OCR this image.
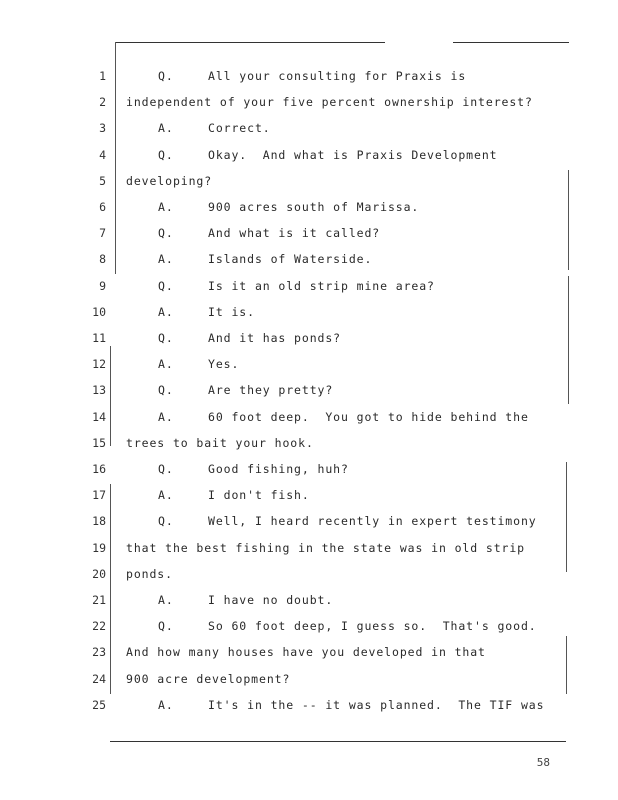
1	Q.	All your consulting for Praxis is
2 independent of your five percent ownership interest?
3	A.	Correct.
4	Q.	Okay.  And what is Praxis Development
5 developing?
6	A.	900 acres south of Marissa.
7	Q.	And what is it called?
8	A.	Islands of Waterside.
9	Q.	Is it an old strip mine area?
10	A.	It is.
11	Q.	And it has ponds?
12	A.	Yes.
13	Q.	Are they pretty?
14	A.	60 foot deep.  You got to hide behind the
15 trees to bait your hook.
16	Q.	Good fishing, huh?
17	A.	I don't fish.
18	Q.	Well, I heard recently in expert testimony
19 that the best fishing in the state was in old strip
20 ponds.
21	A.	I have no doubt.
22	Q.	So 60 foot deep, I guess so.  That's good.
23 And how many houses have you developed in that
24 900 acre development?
25	A.	It's in the -- it was planned.  The TIF was
58
